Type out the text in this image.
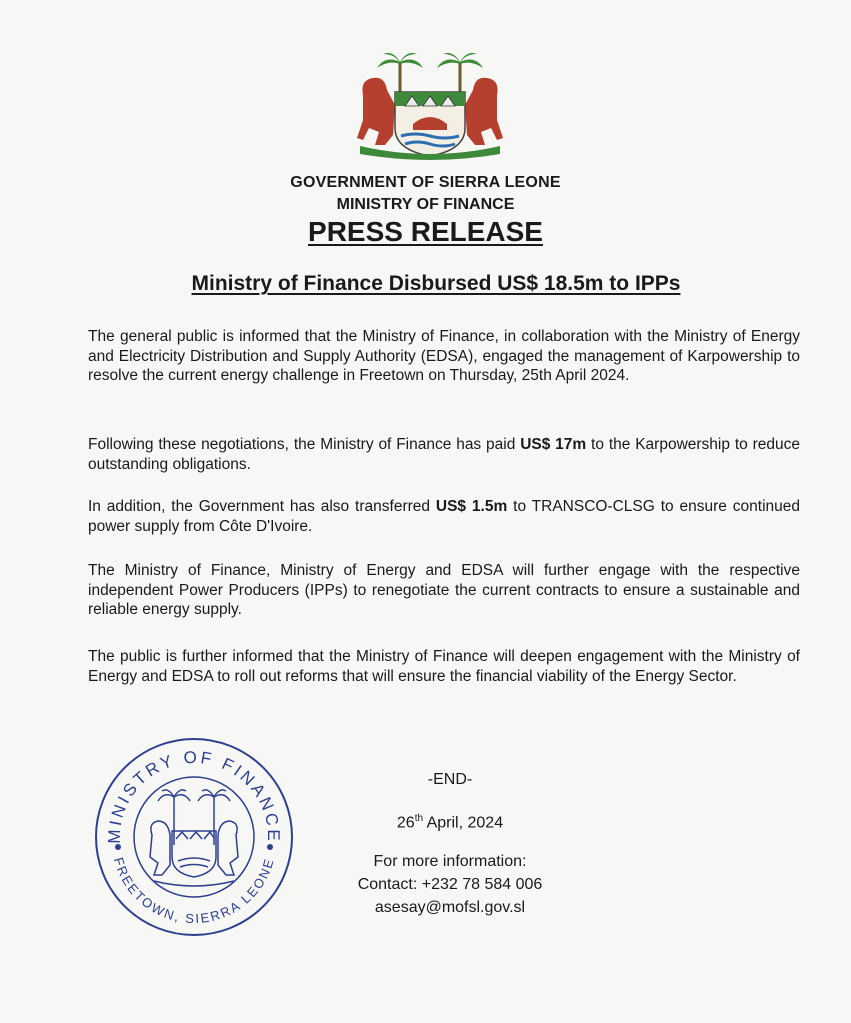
GOVERNMENT OF SIERRA LEONE
MINISTRY OF FINANCE
PRESS RELEASE
Ministry of Finance Disbursed US$ 18.5m to IPPs

The general public is informed that the Ministry of Finance, in collaboration with the Ministry of Energy and Electricity Distribution and Supply Authority (EDSA), engaged the management of Karpowership to resolve the current energy challenge in Freetown on Thursday, 25th April 2024.

Following these negotiations, the Ministry of Finance has paid US$ 17m to the Karpowership to reduce outstanding obligations.

In addition, the Government has also transferred US$ 1.5m to TRANSCO-CLSG to ensure continued power supply from Côte D'Ivoire.

The Ministry of Finance, Ministry of Energy and EDSA will further engage with the respective independent Power Producers (IPPs) to renegotiate the current contracts to ensure a sustainable and reliable energy supply.

The public is further informed that the Ministry of Finance will deepen engagement with the Ministry of Energy and EDSA to roll out reforms that will ensure the financial viability of the Energy Sector.

MINISTRY OF FINANCE
FREETOWN, SIERRA LEONE
-END-
26th April, 2024
For more information:
Contact: +232 78 584 006
asesay@mofsl.gov.sl
